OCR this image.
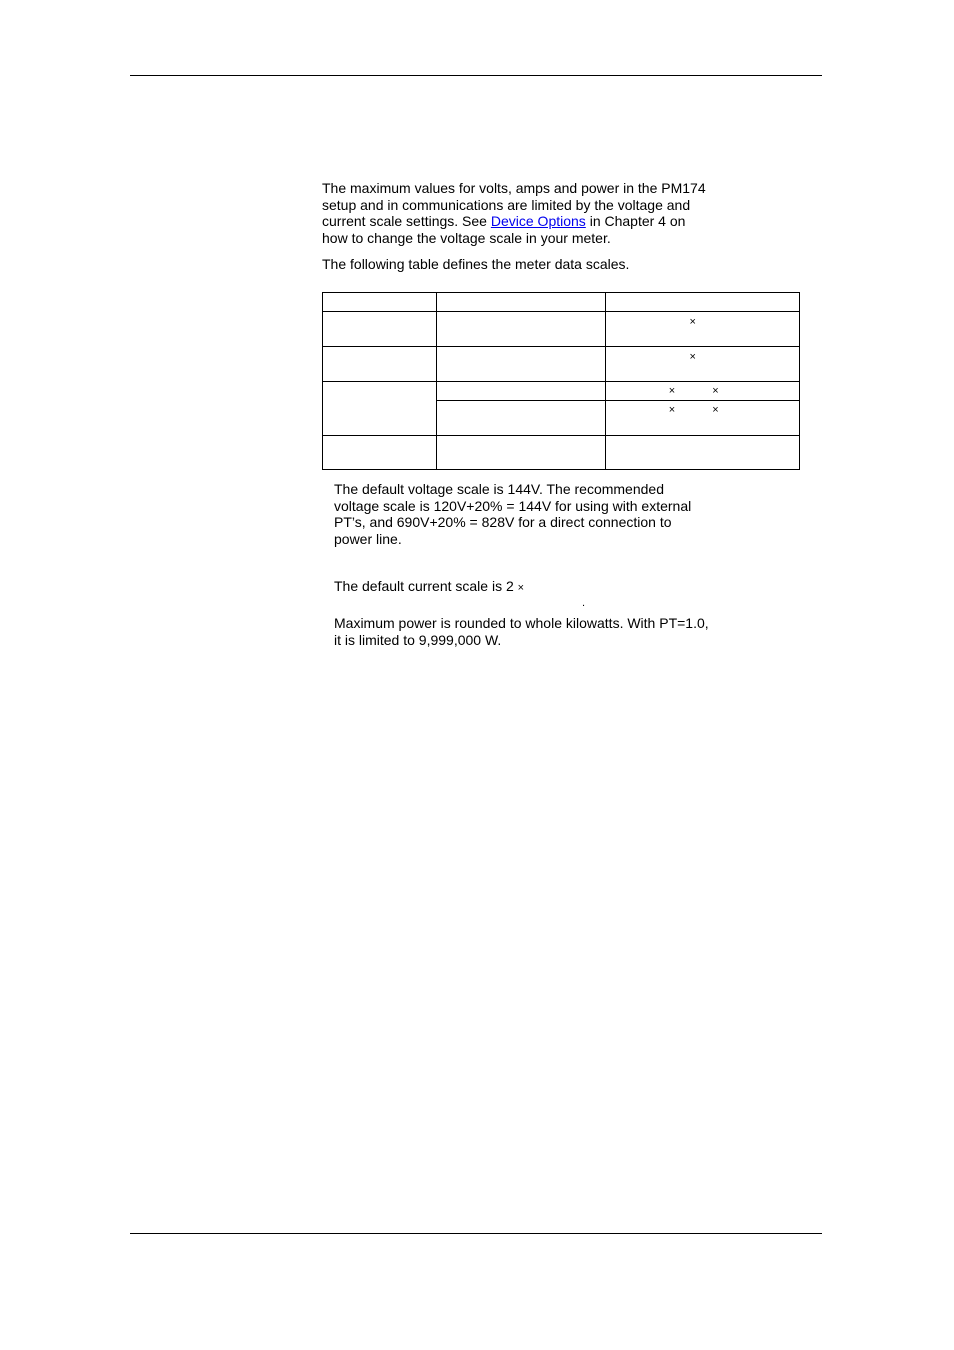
The maximum values for volts, amps and power in the PM174
setup and in communications are limited by the voltage and
current scale settings. See Device Options in Chapter 4 on
how to change the voltage scale in your meter.

The following table defines the meter data scales.

		×
		×
		× ×
		× ×

The default voltage scale is 144V. The recommended
voltage scale is 120V+20% = 144V for using with external
PT’s, and 690V+20% = 828V for a direct connection to
power line.

The default current scale is 2 ×

.

Maximum power is rounded to whole kilowatts. With PT=1.0,
it is limited to 9,999,000 W.
